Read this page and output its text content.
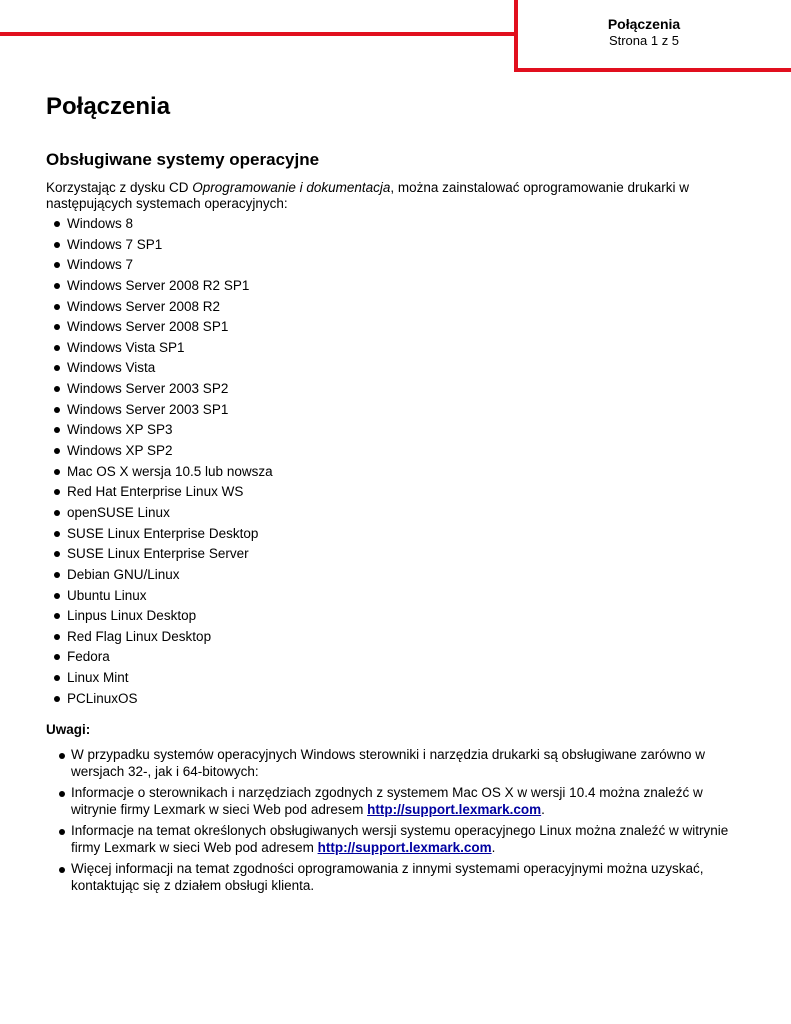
Połączenia
Strona 1 z 5
Połączenia
Obsługiwane systemy operacyjne

Korzystając z dysku CD Oprogramowanie i dokumentacja, można zainstalować oprogramowanie drukarki w następujących systemach operacyjnych:

Windows 8
Windows 7 SP1
Windows 7
Windows Server 2008 R2 SP1
Windows Server 2008 R2
Windows Server 2008 SP1
Windows Vista SP1
Windows Vista
Windows Server 2003 SP2
Windows Server 2003 SP1
Windows XP SP3
Windows XP SP2
Mac OS X wersja 10.5 lub nowsza
Red Hat Enterprise Linux WS
openSUSE Linux
SUSE Linux Enterprise Desktop
SUSE Linux Enterprise Server
Debian GNU/Linux
Ubuntu Linux
Linpus Linux Desktop
Red Flag Linux Desktop
Fedora
Linux Mint
PCLinuxOS
Uwagi:
W przypadku systemów operacyjnych Windows sterowniki i narzędzia drukarki są obsługiwane zarówno w wersjach 32-, jak i 64-bitowych:
Informacje o sterownikach i narzędziach zgodnych z systemem Mac OS X w wersji 10.4 można znaleźć w witrynie firmy Lexmark w sieci Web pod adresem http://support.lexmark.com.
Informacje na temat określonych obsługiwanych wersji systemu operacyjnego Linux można znaleźć w witrynie firmy Lexmark w sieci Web pod adresem http://support.lexmark.com.
Więcej informacji na temat zgodności oprogramowania z innymi systemami operacyjnymi można uzyskać, kontaktując się z działem obsługi klienta.
